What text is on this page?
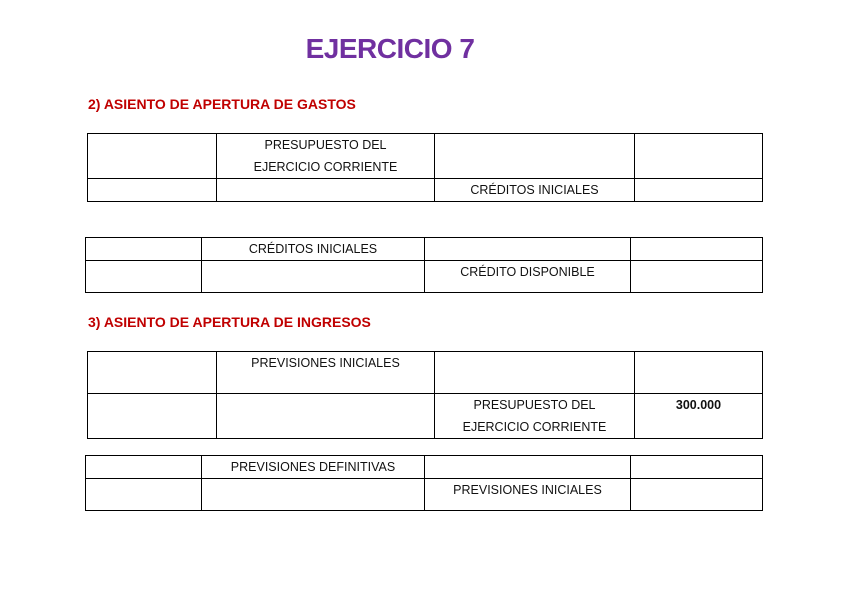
EJERCICIO 7
2) ASIENTO DE APERTURA DE GASTOS

	PRESUPUESTO DEL
EJERCICIO CORRIENTE		

		CRÉDITOS INICIALES	
	CRÉDITOS INICIALES		
		CRÉDITO DISPONIBLE	
3) ASIENTO DE APERTURA DE INGRESOS
	PREVISIONES INICIALES		

		PRESUPUESTO DEL
EJERCICIO CORRIENTE	300.000
	PREVISIONES DEFINITIVAS		
		PREVISIONES INICIALES	
